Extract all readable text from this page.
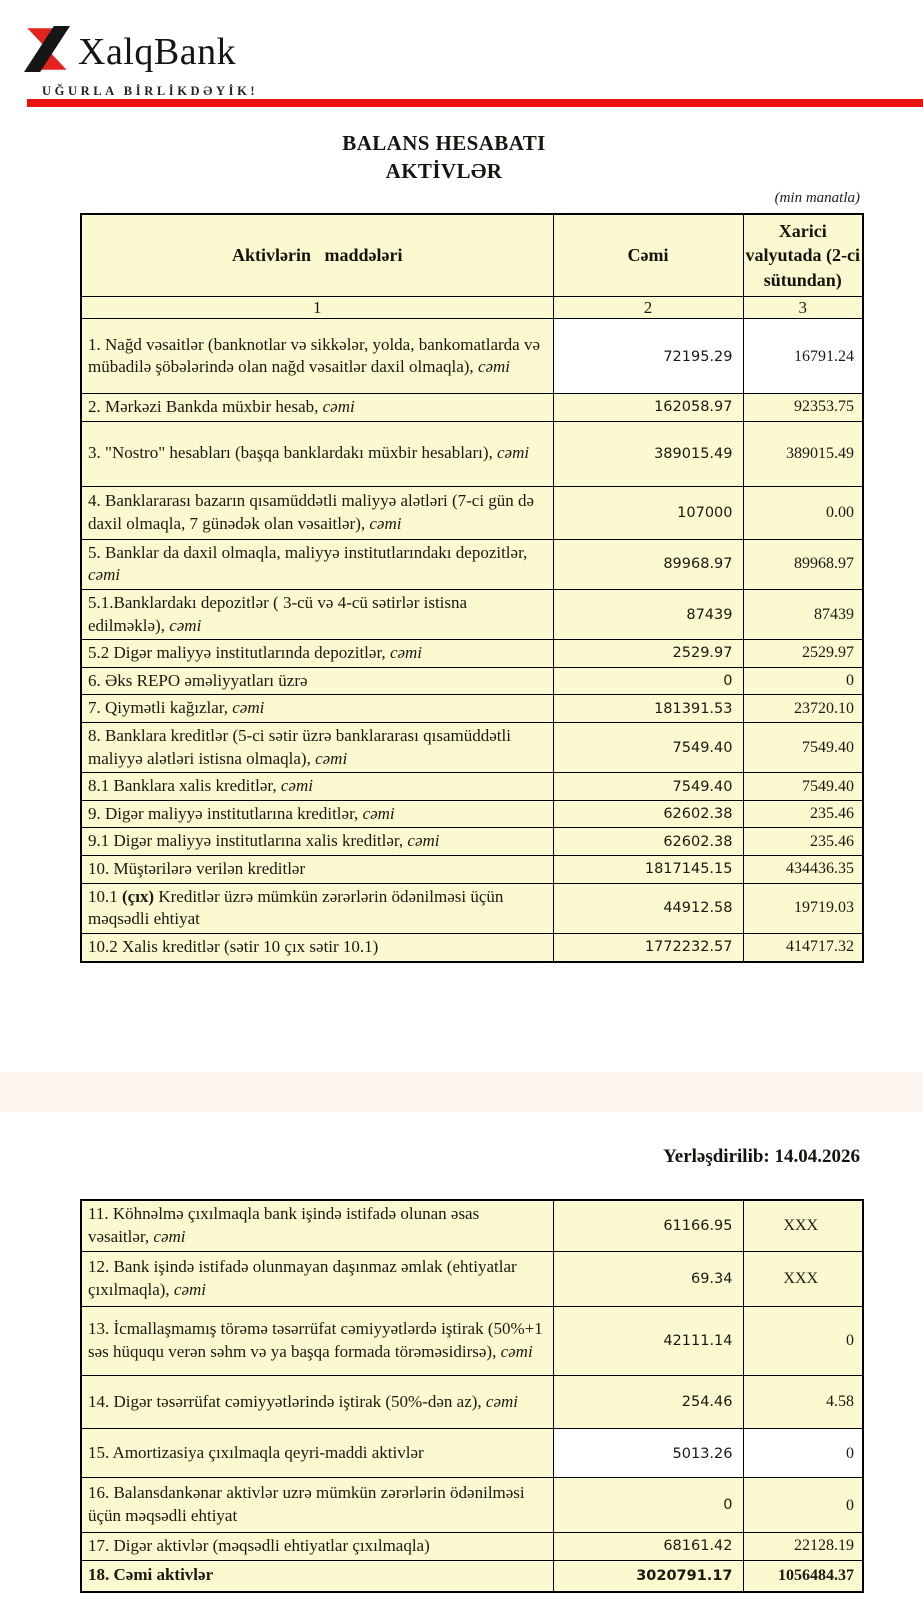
XalqBank
UĞURLA BİRLİKDƏYİK!
BALANS HESABATI
AKTİVLƏR
(min manatla)
Aktivlərin   maddələri	Cəmi	Xarici valyutada (2-ci sütundan)
1	2	3
1. Nağd vəsaitlər (banknotlar və sikkələr, yolda, bankomatlarda və mübadilə şöbələrində olan nağd vəsaitlər daxil olmaqla), cəmi	72195.29	16791.24
2. Mərkəzi Bankda müxbir hesab, cəmi	162058.97	92353.75
3. "Nostro" hesabları (başqa banklardakı müxbir hesabları), cəmi	389015.49	389015.49
4. Banklararası bazarın qısamüddətli maliyyə alətləri (7-ci gün də daxil olmaqla, 7 günədək olan vəsaitlər), cəmi	107000	0.00
5. Banklar da daxil olmaqla, maliyyə institutlarındakı depozitlər, cəmi	89968.97	89968.97
5.1.Banklardakı depozitlər ( 3-cü və 4-cü sətirlər istisna edilməklə), cəmi	87439	87439
5.2 Digər maliyyə institutlarında depozitlər, cəmi	2529.97	2529.97
6. Əks REPO əməliyyatları üzrə	0	0
7. Qiymətli kağızlar, cəmi	181391.53	23720.10
8. Banklara kreditlər (5-ci sətir üzrə banklararası qısamüddətli maliyyə alətləri istisna olmaqla), cəmi	7549.40	7549.40
8.1 Banklara xalis kreditlər, cəmi	7549.40	7549.40
9. Digər maliyyə institutlarına kreditlər, cəmi	62602.38	235.46
9.1 Digər maliyyə institutlarına xalis kreditlər, cəmi	62602.38	235.46
10. Müştərilərə verilən kreditlər	1817145.15	434436.35
10.1 (çıx) Kreditlər üzrə mümkün zərərlərin ödənilməsi üçün məqsədli ehtiyat	44912.58	19719.03
10.2 Xalis kreditlər (sətir 10 çıx sətir 10.1)	1772232.57	414717.32
Yerləşdirilib: 14.04.2026
11. Köhnəlmə çıxılmaqla bank işində istifadə olunan əsas vəsaitlər, cəmi	61166.95	XXX
12. Bank işində istifadə olunmayan daşınmaz əmlak (ehtiyatlar çıxılmaqla), cəmi	69.34	XXX
13. İcmallaşmamış törəmə təsərrüfat cəmiyyətlərdə iştirak (50%+1 səs hüququ verən səhm və ya başqa formada törəməsidirsə), cəmi	42111.14	0
14. Digər təsərrüfat cəmiyyətlərində iştirak (50%-dən az), cəmi	254.46	4.58
15. Amortizasiya çıxılmaqla qeyri-maddi aktivlər	5013.26	0
16. Balansdankənar aktivlər uzrə mümkün zərərlərin ödənilməsi üçün məqsədli ehtiyat	0	0
17. Digər aktivlər (məqsədli ehtiyatlar çıxılmaqla)	68161.42	22128.19
18. Cəmi aktivlər	3020791.17	1056484.37
